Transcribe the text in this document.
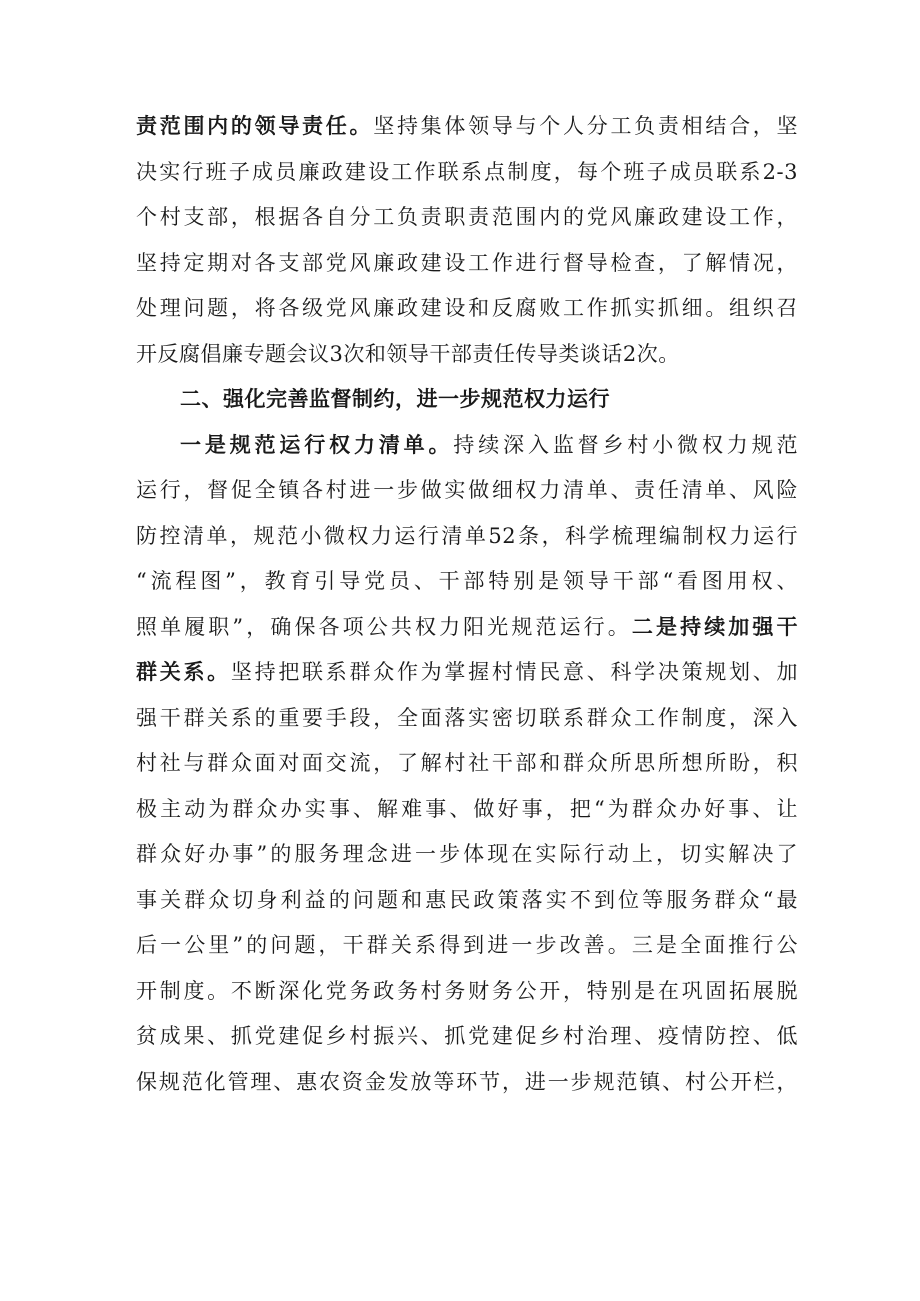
责范围内的领导责任。坚持集体领导与个人分工负责相结合，坚
决实行班子成员廉政建设工作联系点制度，每个班子成员联系2-3
个村支部，根据各自分工负责职责范围内的党风廉政建设工作，
坚持定期对各支部党风廉政建设工作进行督导检查，了解情况，
处理问题，将各级党风廉政建设和反腐败工作抓实抓细。组织召
开反腐倡廉专题会议3次和领导干部责任传导类谈话2次。
二、强化完善监督制约，进一步规范权力运行
一是规范运行权力清单。持续深入监督乡村小微权力规范
运行，督促全镇各村进一步做实做细权力清单、责任清单、风险
防控清单，规范小微权力运行清单52条，科学梳理编制权力运行
“流程图”，教育引导党员、干部特别是领导干部“看图用权、
照单履职”，确保各项公共权力阳光规范运行。二是持续加强干
群关系。坚持把联系群众作为掌握村情民意、科学决策规划、加
强干群关系的重要手段，全面落实密切联系群众工作制度，深入
村社与群众面对面交流，了解村社干部和群众所思所想所盼，积
极主动为群众办实事、解难事、做好事，把“为群众办好事、让
群众好办事”的服务理念进一步体现在实际行动上，切实解决了
事关群众切身利益的问题和惠民政策落实不到位等服务群众“最
后一公里”的问题，干群关系得到进一步改善。三是全面推行公
开制度。不断深化党务政务村务财务公开，特别是在巩固拓展脱
贫成果、抓党建促乡村振兴、抓党建促乡村治理、疫情防控、低
保规范化管理、惠农资金发放等环节，进一步规范镇、村公开栏，
